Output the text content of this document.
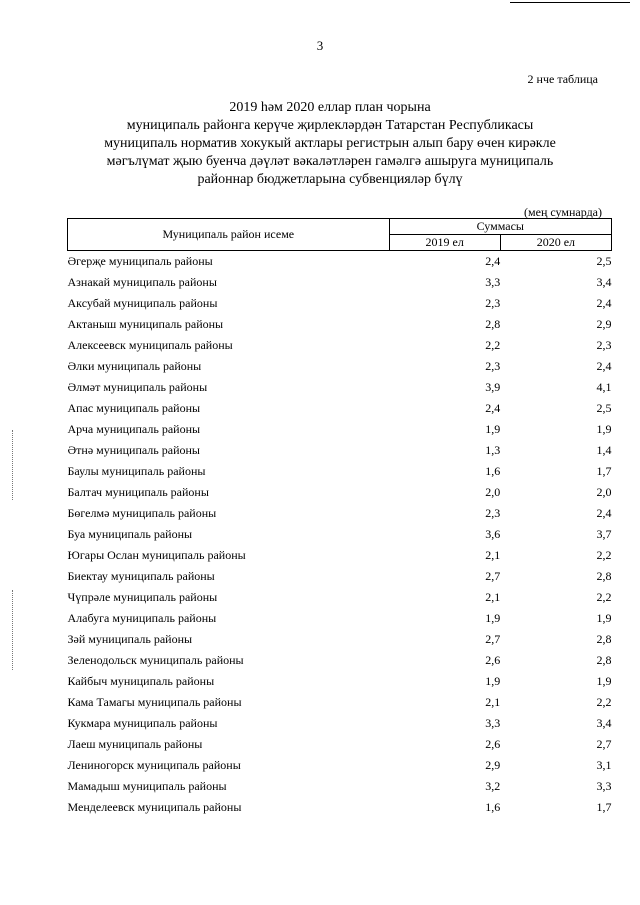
3
2 нче таблица
2019 һәм 2020 еллар план чорына
муниципаль районга керүче җирлекләрдән Татарстан Республикасы
муниципаль норматив хокукый актлары регистрын алып бару өчен кирәкле
мәгълүмат җыю буенча дәүләт вәкаләтләрен гамәлгә ашыруга муниципаль
районнар бюджетларына субвенцияләр бүлү
(мең сумнарда)
Муниципаль район исеме	Суммасы	
	2019 ел	2020 ел
Әгерҗе муниципаль районы	2,4	2,5
Азнакай муниципаль районы	3,3	3,4
Аксубай муниципаль районы	2,3	2,4
Актаныш муниципаль районы	2,8	2,9
Алексеевск муниципаль районы	2,2	2,3
Әлки муниципаль районы	2,3	2,4
Әлмәт муниципаль районы	3,9	4,1
Апас муниципаль районы	2,4	2,5
Арча муниципаль районы	1,9	1,9
Әтнә муниципаль районы	1,3	1,4
Баулы муниципаль районы	1,6	1,7
Балтач муниципаль районы	2,0	2,0
Бөгелмә муниципаль районы	2,3	2,4
Буа муниципаль районы	3,6	3,7
Югары Ослан муниципаль районы	2,1	2,2
Биектау муниципаль районы	2,7	2,8
Чүпрәле муниципаль районы	2,1	2,2
Алабуга муниципаль районы	1,9	1,9
Зәй муниципаль районы	2,7	2,8
Зеленодольск муниципаль районы	2,6	2,8
Кайбыч муниципаль районы	1,9	1,9
Кама Тамагы муниципаль районы	2,1	2,2
Кукмара муниципаль районы	3,3	3,4
Лаеш муниципаль районы	2,6	2,7
Лениногорск муниципаль районы	2,9	3,1
Мамадыш муниципаль районы	3,2	3,3
Менделеевск муниципаль районы	1,6	1,7
